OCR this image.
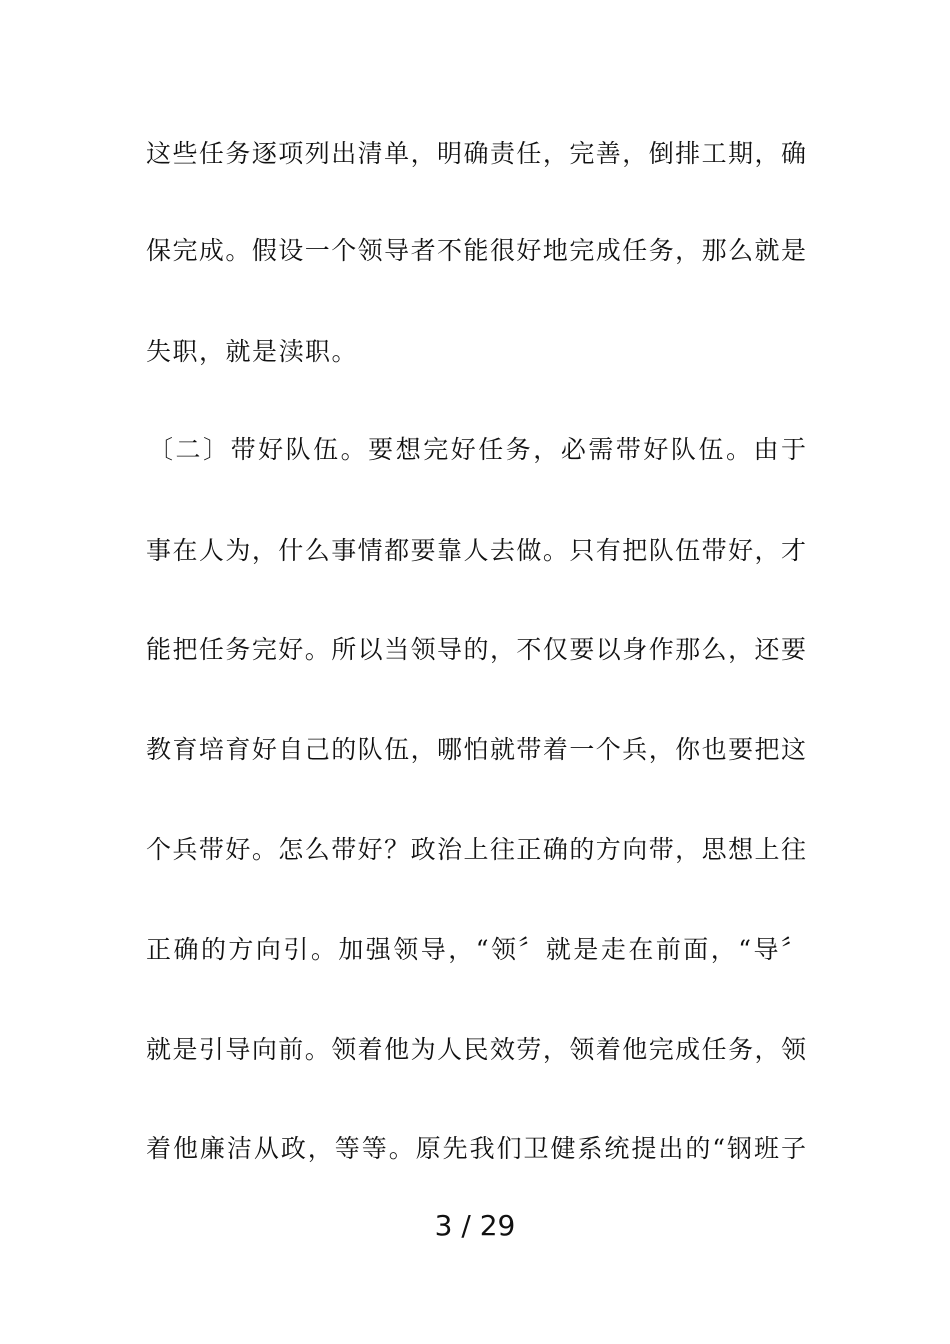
这些任务逐项列出清单，明确责任，完善，倒排工期，确
保完成。假设一个领导者不能很好地完成任务，那么就是
失职，就是渎职。
〔二〕带好队伍。要想完好任务，必需带好队伍。由于
事在人为，什么事情都要靠人去做。只有把队伍带好，才
能把任务完好。所以当领导的，不仅要以身作那么，还要
教育培育好自己的队伍，哪怕就带着一个兵，你也要把这
个兵带好。怎么带好？政治上往正确的方向带，思想上往
正确的方向引。加强领导，“领〞就是走在前面，“导〞
就是引导向前。领着他为人民效劳，领着他完成任务，领
着他廉洁从政，等等。原先我们卫健系统提出的“钢班子
3 / 29
